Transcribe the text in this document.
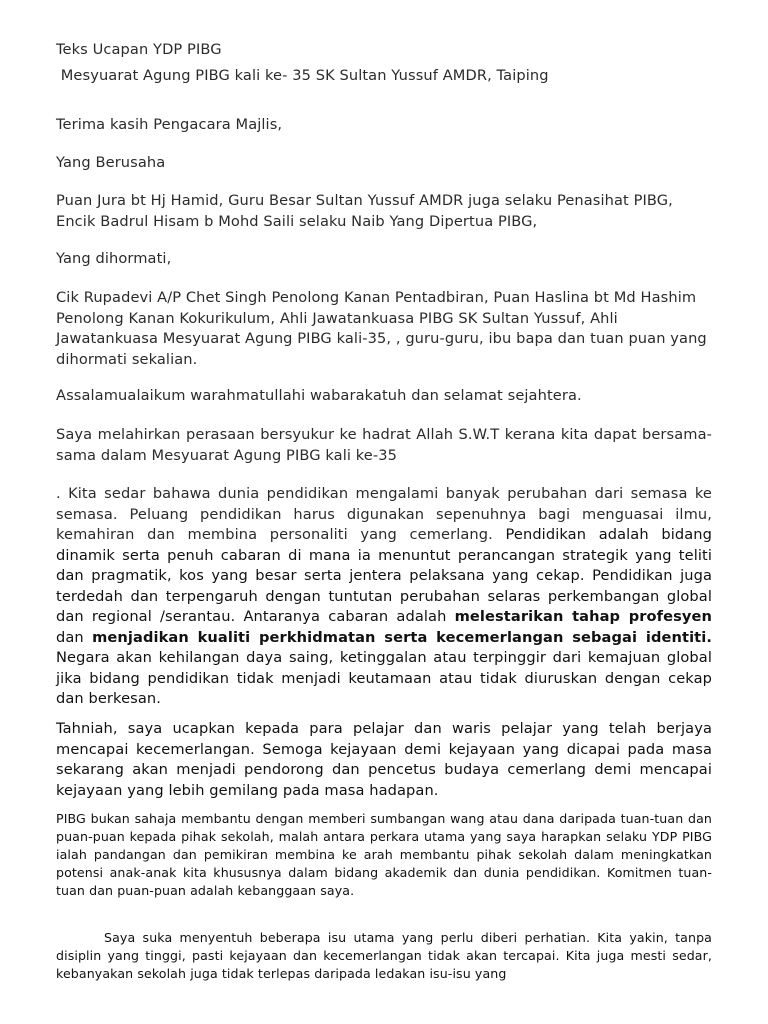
Teks Ucapan YDP PIBG

Mesyuarat Agung PIBG kali ke- 35 SK Sultan Yussuf AMDR, Taiping

Terima kasih Pengacara Majlis,

Yang Berusaha

Puan Jura bt Hj Hamid, Guru Besar Sultan Yussuf AMDR juga selaku Penasihat PIBG, Encik Badrul Hisam b Mohd Saili selaku Naib Yang Dipertua PIBG,

Yang dihormati,

Cik Rupadevi A/P Chet Singh Penolong Kanan Pentadbiran, Puan Haslina bt Md Hashim Penolong Kanan Kokurikulum, Ahli Jawatankuasa PIBG SK Sultan Yussuf, Ahli Jawatankuasa Mesyuarat Agung PIBG kali-35, , guru-guru, ibu bapa dan tuan puan yang dihormati sekalian.

Assalamualaikum warahmatullahi wabarakatuh dan selamat sejahtera.

Saya melahirkan perasaan bersyukur ke hadrat Allah S.W.T kerana kita dapat bersama-sama dalam Mesyuarat Agung PIBG kali ke-35

. Kita sedar bahawa dunia pendidikan mengalami banyak perubahan dari semasa ke semasa. Peluang pendidikan harus digunakan sepenuhnya bagi menguasai ilmu, kemahiran dan membina personaliti yang cemerlang. Pendidikan adalah bidang dinamik serta penuh cabaran di mana ia menuntut perancangan strategik yang teliti dan pragmatik, kos yang besar serta jentera pelaksana yang cekap. Pendidikan juga terdedah dan terpengaruh dengan tuntutan perubahan selaras perkembangan global dan regional /serantau. Antaranya cabaran adalah melestarikan tahap profesyen dan menjadikan kualiti perkhidmatan serta kecemerlangan sebagai identiti. Negara akan kehilangan daya saing, ketinggalan atau terpinggir dari kemajuan global jika bidang pendidikan tidak menjadi keutamaan atau tidak diuruskan dengan cekap dan berkesan.

Tahniah, saya ucapkan kepada para pelajar dan waris pelajar yang telah berjaya mencapai kecemerlangan. Semoga kejayaan demi kejayaan yang dicapai pada masa sekarang akan menjadi pendorong dan pencetus budaya cemerlang demi mencapai kejayaan yang lebih gemilang pada masa hadapan.

PIBG bukan sahaja membantu dengan memberi sumbangan wang atau dana daripada tuan-tuan dan puan-puan kepada pihak sekolah, malah antara perkara utama yang saya harapkan selaku YDP PIBG ialah pandangan dan pemikiran membina ke arah membantu pihak sekolah dalam meningkatkan potensi anak-anak kita khususnya dalam bidang akademik dan dunia pendidikan. Komitmen tuan-tuan dan puan-puan adalah kebanggaan saya.

Saya suka menyentuh beberapa isu utama yang perlu diberi perhatian. Kita yakin, tanpa disiplin yang tinggi, pasti kejayaan dan kecemerlangan tidak akan tercapai. Kita juga mesti sedar, kebanyakan sekolah juga tidak terlepas daripada ledakan isu-isu yang
